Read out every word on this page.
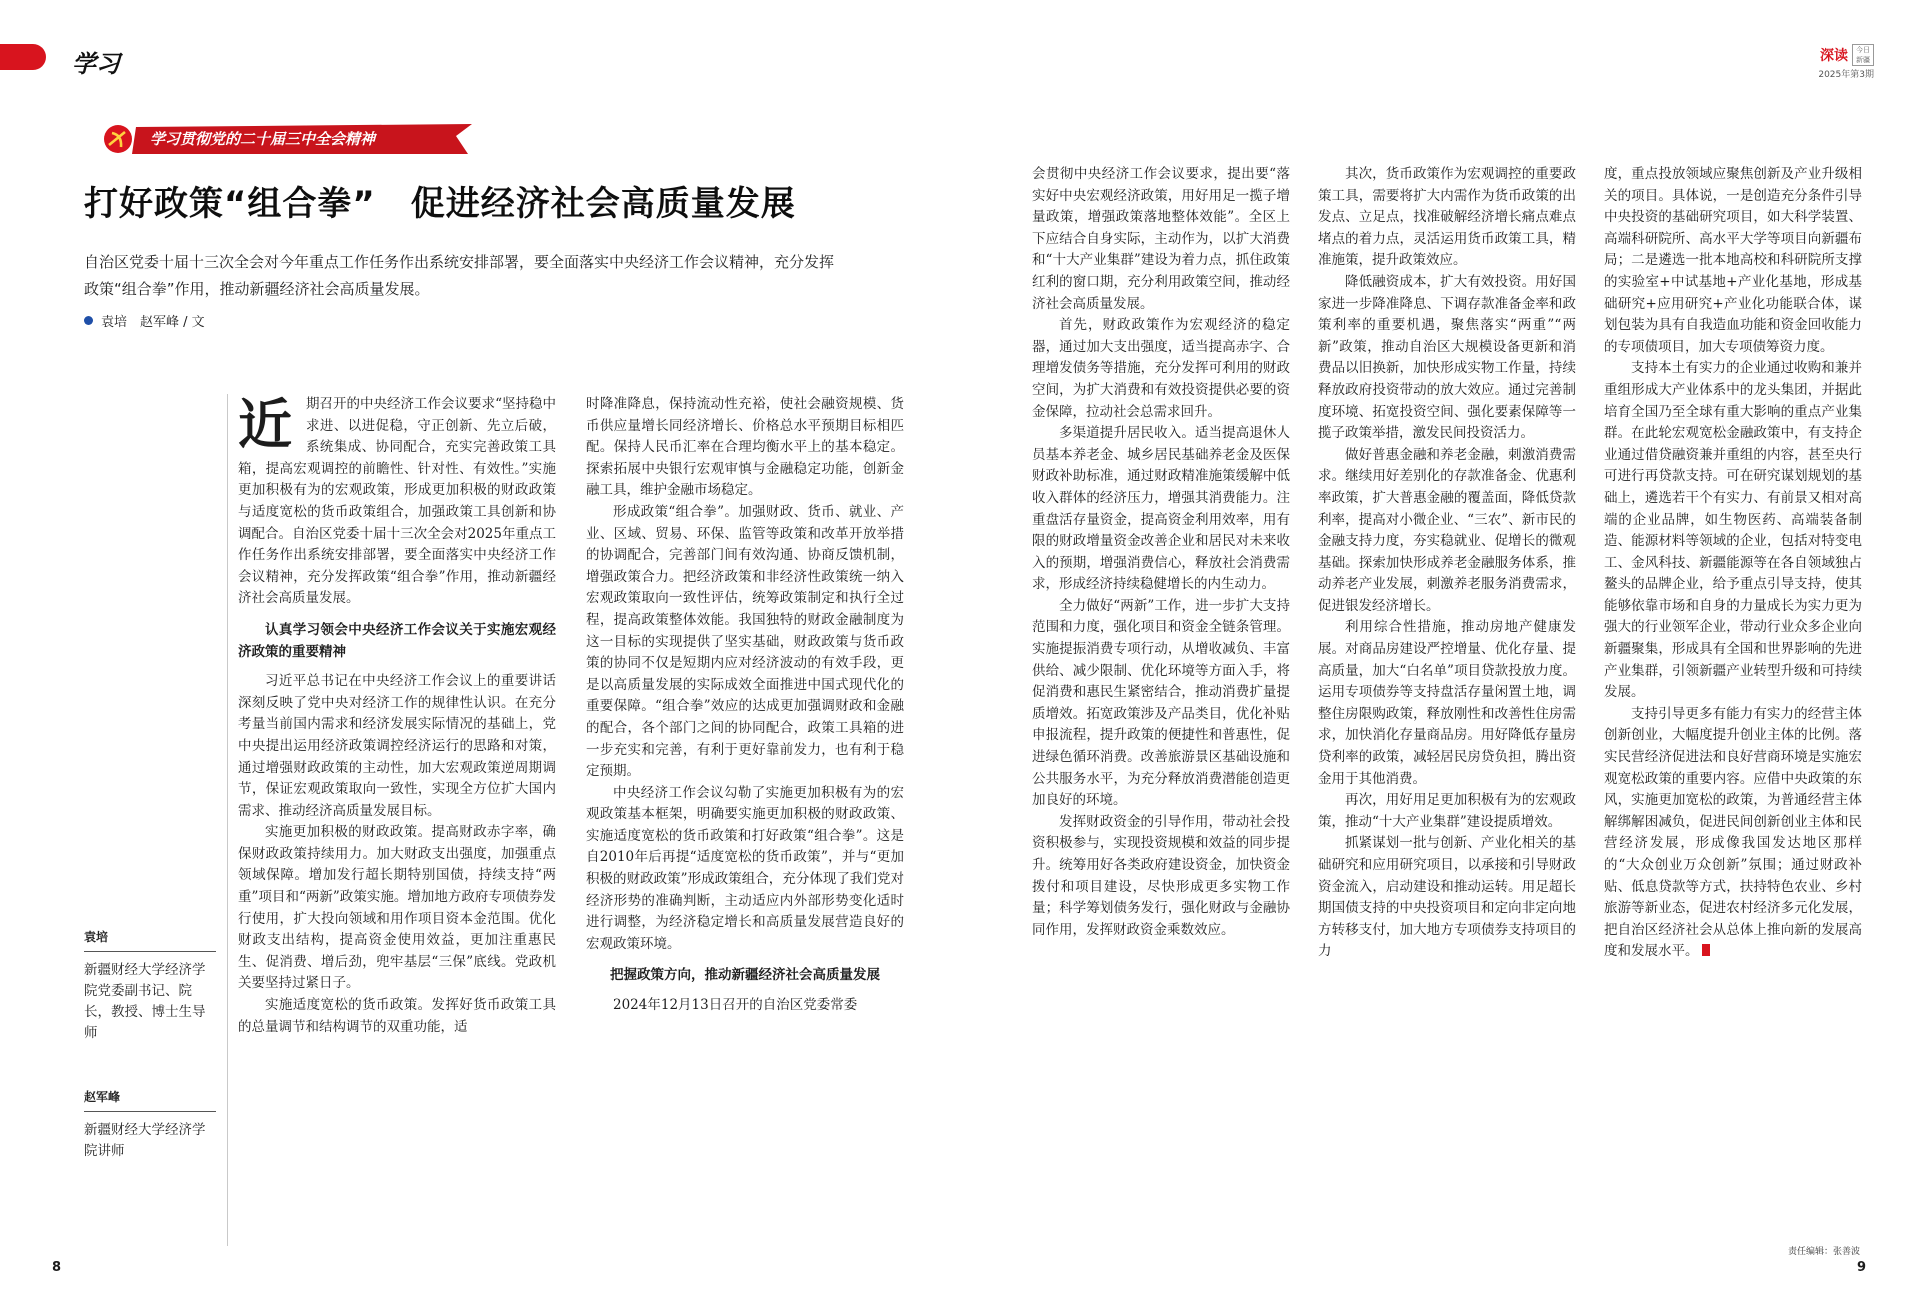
学习	深读	今日 新疆
2025年第3期
学习贯彻党的二十届三中全会精神
打好政策“组合拳”　促进经济社会高质量发展
自治区党委十届十三次全会对今年重点工作任务作出系统安排部署，要全面落实中央经济工作会议精神，充分发挥政策“组合拳”作用，推动新疆经济社会高质量发展。
袁培　赵军峰 / 文
袁培
新疆财经大学经济学院党委副书记、院长，教授、博士生导师
赵军峰
新疆财经大学经济学院讲师

近 期召开的中央经济工作会议要求“坚持稳中求进、以进促稳，守正创新、先立后破，系统集成、协同配合，充实完善政策工具箱，提高宏观调控的前瞻性、针对性、有效性。”实施更加积极有为的宏观政策，形成更加积极的财政政策与适度宽松的货币政策组合，加强政策工具创新和协调配合。自治区党委十届十三次全会对2025年重点工作任务作出系统安排部署，要全面落实中央经济工作会议精神，充分发挥政策“组合拳”作用，推动新疆经济社会高质量发展。

认真学习领会中央经济工作会议关于实施宏观经济政策的重要精神

习近平总书记在中央经济工作会议上的重要讲话深刻反映了党中央对经济工作的规律性认识。在充分考量当前国内需求和经济发展实际情况的基础上，党中央提出运用经济政策调控经济运行的思路和对策，通过增强财政政策的主动性，加大宏观政策逆周期调节，保证宏观政策取向一致性，实现全方位扩大国内需求、推动经济高质量发展目标。

实施更加积极的财政政策。提高财政赤字率，确保财政政策持续用力。加大财政支出强度，加强重点领域保障。增加发行超长期特别国债，持续支持“两重”项目和“两新”政策实施。增加地方政府专项债券发行使用，扩大投向领域和用作项目资本金范围。优化财政支出结构，提高资金使用效益，更加注重惠民生、促消费、增后劲，兜牢基层“三保”底线。党政机关要坚持过紧日子。

实施适度宽松的货币政策。发挥好货币政策工具的总量调节和结构调节的双重功能，适

时降准降息，保持流动性充裕，使社会融资规模、货币供应量增长同经济增长、价格总水平预期目标相匹配。保持人民币汇率在合理均衡水平上的基本稳定。探索拓展中央银行宏观审慎与金融稳定功能，创新金融工具，维护金融市场稳定。

形成政策“组合拳”。加强财政、货币、就业、产业、区域、贸易、环保、监管等政策和改革开放举措的协调配合，完善部门间有效沟通、协商反馈机制，增强政策合力。把经济政策和非经济性政策统一纳入宏观政策取向一致性评估，统筹政策制定和执行全过程，提高政策整体效能。我国独特的财政金融制度为这一目标的实现提供了坚实基础，财政政策与货币政策的协同不仅是短期内应对经济波动的有效手段，更是以高质量发展的实际成效全面推进中国式现代化的重要保障。“组合拳”效应的达成更加强调财政和金融的配合，各个部门之间的协同配合，政策工具箱的进一步充实和完善，有利于更好靠前发力，也有利于稳定预期。

中央经济工作会议勾勒了实施更加积极有为的宏观政策基本框架，明确要实施更加积极的财政政策、实施适度宽松的货币政策和打好政策“组合拳”。这是自2010年后再提“适度宽松的货币政策”，并与“更加积极的财政政策”形成政策组合，充分体现了我们党对经济形势的准确判断，主动适应内外部形势变化适时进行调整，为经济稳定增长和高质量发展营造良好的宏观政策环境。

把握政策方向，推动新疆经济社会高质量发展

2024年12月13日召开的自治区党委常委

会贯彻中央经济工作会议要求，提出要“落实好中央宏观经济政策，用好用足一揽子增量政策，增强政策落地整体效能”。全区上下应结合自身实际，主动作为，以扩大消费和“十大产业集群”建设为着力点，抓住政策红利的窗口期，充分利用政策空间，推动经济社会高质量发展。

首先，财政政策作为宏观经济的稳定器，通过加大支出强度，适当提高赤字、合理增发债务等措施，充分发挥可利用的财政空间，为扩大消费和有效投资提供必要的资金保障，拉动社会总需求回升。

多渠道提升居民收入。适当提高退休人员基本养老金、城乡居民基础养老金及医保财政补助标准，通过财政精准施策缓解中低收入群体的经济压力，增强其消费能力。注重盘活存量资金，提高资金利用效率，用有限的财政增量资金改善企业和居民对未来收入的预期，增强消费信心，释放社会消费需求，形成经济持续稳健增长的内生动力。

全力做好“两新”工作，进一步扩大支持范围和力度，强化项目和资金全链条管理。实施提振消费专项行动，从增收减负、丰富供给、减少限制、优化环境等方面入手，将促消费和惠民生紧密结合，推动消费扩量提质增效。拓宽政策涉及产品类目，优化补贴申报流程，提升政策的便捷性和普惠性，促进绿色循环消费。改善旅游景区基础设施和公共服务水平，为充分释放消费潜能创造更加良好的环境。

发挥财政资金的引导作用，带动社会投资积极参与，实现投资规模和效益的同步提升。统筹用好各类政府建设资金，加快资金拨付和项目建设，尽快形成更多实物工作量；科学筹划债务发行，强化财政与金融协同作用，发挥财政资金乘数效应。

其次，货币政策作为宏观调控的重要政策工具，需要将扩大内需作为货币政策的出发点、立足点，找准破解经济增长痛点难点堵点的着力点，灵活运用货币政策工具，精准施策，提升政策效应。

降低融资成本，扩大有效投资。用好国家进一步降准降息、下调存款准备金率和政策利率的重要机遇，聚焦落实“两重”“两新”政策，推动自治区大规模设备更新和消费品以旧换新，加快形成实物工作量，持续释放政府投资带动的放大效应。通过完善制度环境、拓宽投资空间、强化要素保障等一揽子政策举措，激发民间投资活力。

做好普惠金融和养老金融，刺激消费需求。继续用好差别化的存款准备金、优惠利率政策，扩大普惠金融的覆盖面，降低贷款利率，提高对小微企业、“三农”、新市民的金融支持力度，夯实稳就业、促增长的微观基础。探索加快形成养老金融服务体系，推动养老产业发展，刺激养老服务消费需求，促进银发经济增长。

利用综合性措施，推动房地产健康发展。对商品房建设严控增量、优化存量、提高质量，加大“白名单”项目贷款投放力度。运用专项债券等支持盘活存量闲置土地，调整住房限购政策，释放刚性和改善性住房需求，加快消化存量商品房。用好降低存量房贷利率的政策，减轻居民房贷负担，腾出资金用于其他消费。

再次，用好用足更加积极有为的宏观政策，推动“十大产业集群”建设提质增效。

抓紧谋划一批与创新、产业化相关的基础研究和应用研究项目，以承接和引导财政资金流入，启动建设和推动运转。用足超长期国债支持的中央投资项目和定向非定向地方转移支付，加大地方专项债券支持项目的力

度，重点投放领域应聚焦创新及产业升级相关的项目。具体说，一是创造充分条件引导中央投资的基础研究项目，如大科学装置、高端科研院所、高水平大学等项目向新疆布局；二是遴选一批本地高校和科研院所支撑的实验室+中试基地+产业化基地，形成基础研究+应用研究+产业化功能联合体，谋划包装为具有自我造血功能和资金回收能力的专项债项目，加大专项债筹资力度。

支持本土有实力的企业通过收购和兼并重组形成大产业体系中的龙头集团，并据此培育全国乃至全球有重大影响的重点产业集群。在此轮宏观宽松金融政策中，有支持企业通过借贷融资兼并重组的内容，甚至央行可进行再贷款支持。可在研究谋划规划的基础上，遴选若干个有实力、有前景又相对高端的企业品牌，如生物医药、高端装备制造、能源材料等领域的企业，包括对特变电工、金风科技、新疆能源等在各自领域独占鳌头的品牌企业，给予重点引导支持，使其能够依靠市场和自身的力量成长为实力更为强大的行业领军企业，带动行业众多企业向新疆聚集，形成具有全国和世界影响的先进产业集群，引领新疆产业转型升级和可持续发展。

支持引导更多有能力有实力的经营主体创新创业，大幅度提升创业主体的比例。落实民营经济促进法和良好营商环境是实施宏观宽松政策的重要内容。应借中央政策的东风，实施更加宽松的政策，为普通经营主体解绑解困减负，促进民间创新创业主体和民营经济发展，形成像我国发达地区那样的“大众创业万众创新”氛围；通过财政补贴、低息贷款等方式，扶持特色农业、乡村旅游等新业态，促进农村经济多元化发展，把自治区经济社会从总体上推向新的发展高度和发展水平。

8	9
责任编辑：张善波
